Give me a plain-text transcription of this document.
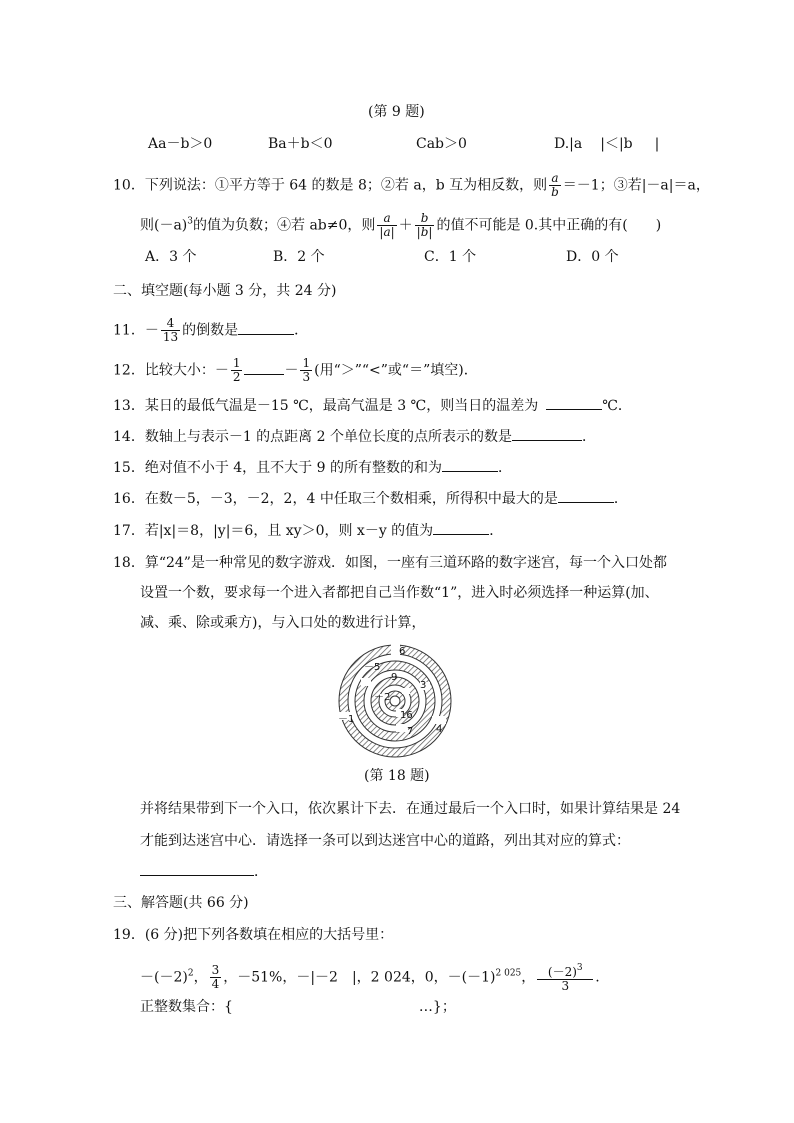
(第 9 题)
Aa－b＞0	Ba＋b＜0	Cab＞0	D.|a |＜|b |
10．下列说法：①平方等于 64 的数是 8；②若 a，b 互为相反数，则 $\frac{a}{b} =-1$；③若|－a|＝a，
则$(-a)^3$的值为负数；④若 ab≠0，则 $\frac{a}{|a|} + \frac{b}{|b|}$ 的值不可能是 0.其中正确的有(　　)
A．3 个	B．2 个	C．1 个	D．0 个
二、填空题(每小题 3 分，共 24 分)
11．－ $\frac{4}{13}$ 的倒数是	．
12．比较大小：－ $\frac{1}{2}$	－ $\frac{1}{3}$ (用“＞”“<”或“＝”填空)．
13．某日的最低气温是－15 ℃，最高气温是 3 ℃，则当日的温差为	℃．
14．数轴上与表示－1 的点距离 2 个单位长度的点所表示的数是	．
15．绝对值不小于 4，且不大于 9 的所有整数的和为	．
16．在数－5，－3，－2，2，4 中任取三个数相乘，所得积中最大的是	．
17．若|x|＝8，|y|＝6，且 xy＞0，则 x－y 的值为	．
18．算“24”是一种常见的数字游戏．如图，一座有三道环路的数字迷宫，每一个入口处都
设置一个数，要求每一个进入者都把自己当作数“1”，进入时必须选择一种运算(加、
减、乘、除或乘方)，与入口处的数进行计算，
6
－5
3
9
－2
16
－1
7 4
(第 18 题)
并将结果带到下一个入口，依次累计下去．在通过最后一个入口时，如果计算结果是 24
才能到达迷宫中心．请选择一条可以到达迷宫中心的道路，列出其对应的算式：
．
三、解答题(共 66 分)
19．(6 分)把下列各数填在相应的大括号里：
$-(-2)^2$， $\frac{3}{4}$ ，－51%，－|－2　|，2 024，0，$-(-1)^{2 025}$， $\frac{(-2)^3}{3}$ .
正整数集合：{	…}；
